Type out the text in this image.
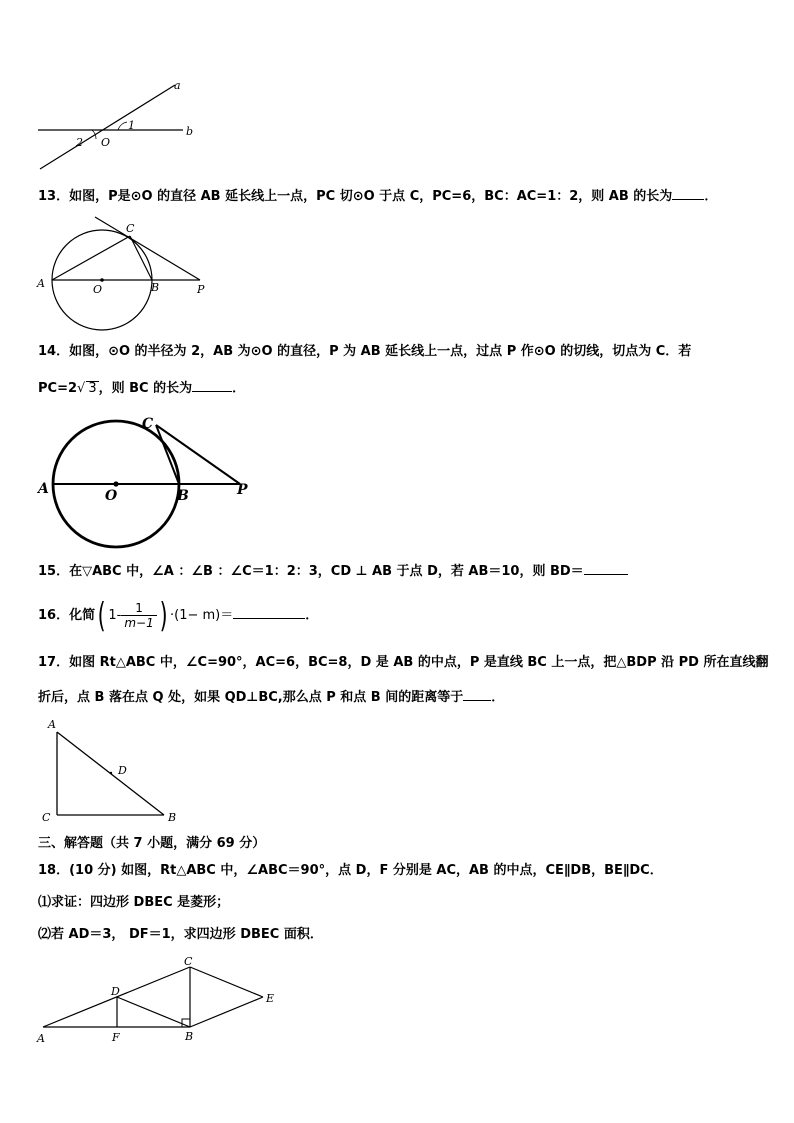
a
b
O
1
2
13．如图，P是⊙O 的直径 AB 延长线上一点，PC 切⊙O 于点 C，PC=6，BC：AC=1：2，则 AB 的长为 ．
A	O	B	P
C
14．如图，⊙O 的半径为 2，AB 为⊙O 的直径，P 为 AB 延长线上一点，过点 P 作⊙O 的切线，切点为 C．若
PC=2√ 3 ，则 BC 的长为	．
A	O	B	P
C
15．在▽ABC 中，∠A ：∠B ：∠C＝1：2：3，CD ⊥ AB 于点 D，若 AB＝10，则 BD＝
16．化简( $1- \frac{1}{m-1}$ ) ·(1− m)＝	．
17．如图 Rt△ABC 中，∠C=90°，AC=6，BC=8，D 是 AB 的中点，P 是直线 BC 上一点，把△BDP 沿 PD 所在直线翻
折后，点 B 落在点 Q 处，如果 QD⊥BC,那么点 P 和点 B 间的距离等于 ．
A
D
C	B
三、解答题（共 7 小题，满分 69 分）
18．(10 分) 如图，Rt△ABC 中，∠ABC＝90°，点 D，F 分别是 AC，AB 的中点，CE∥DB，BE∥DC．
⑴求证：四边形 DBEC 是菱形；
⑵若 AD＝3， DF＝1，求四边形 DBEC 面积．
A	F	B
D
C
E
